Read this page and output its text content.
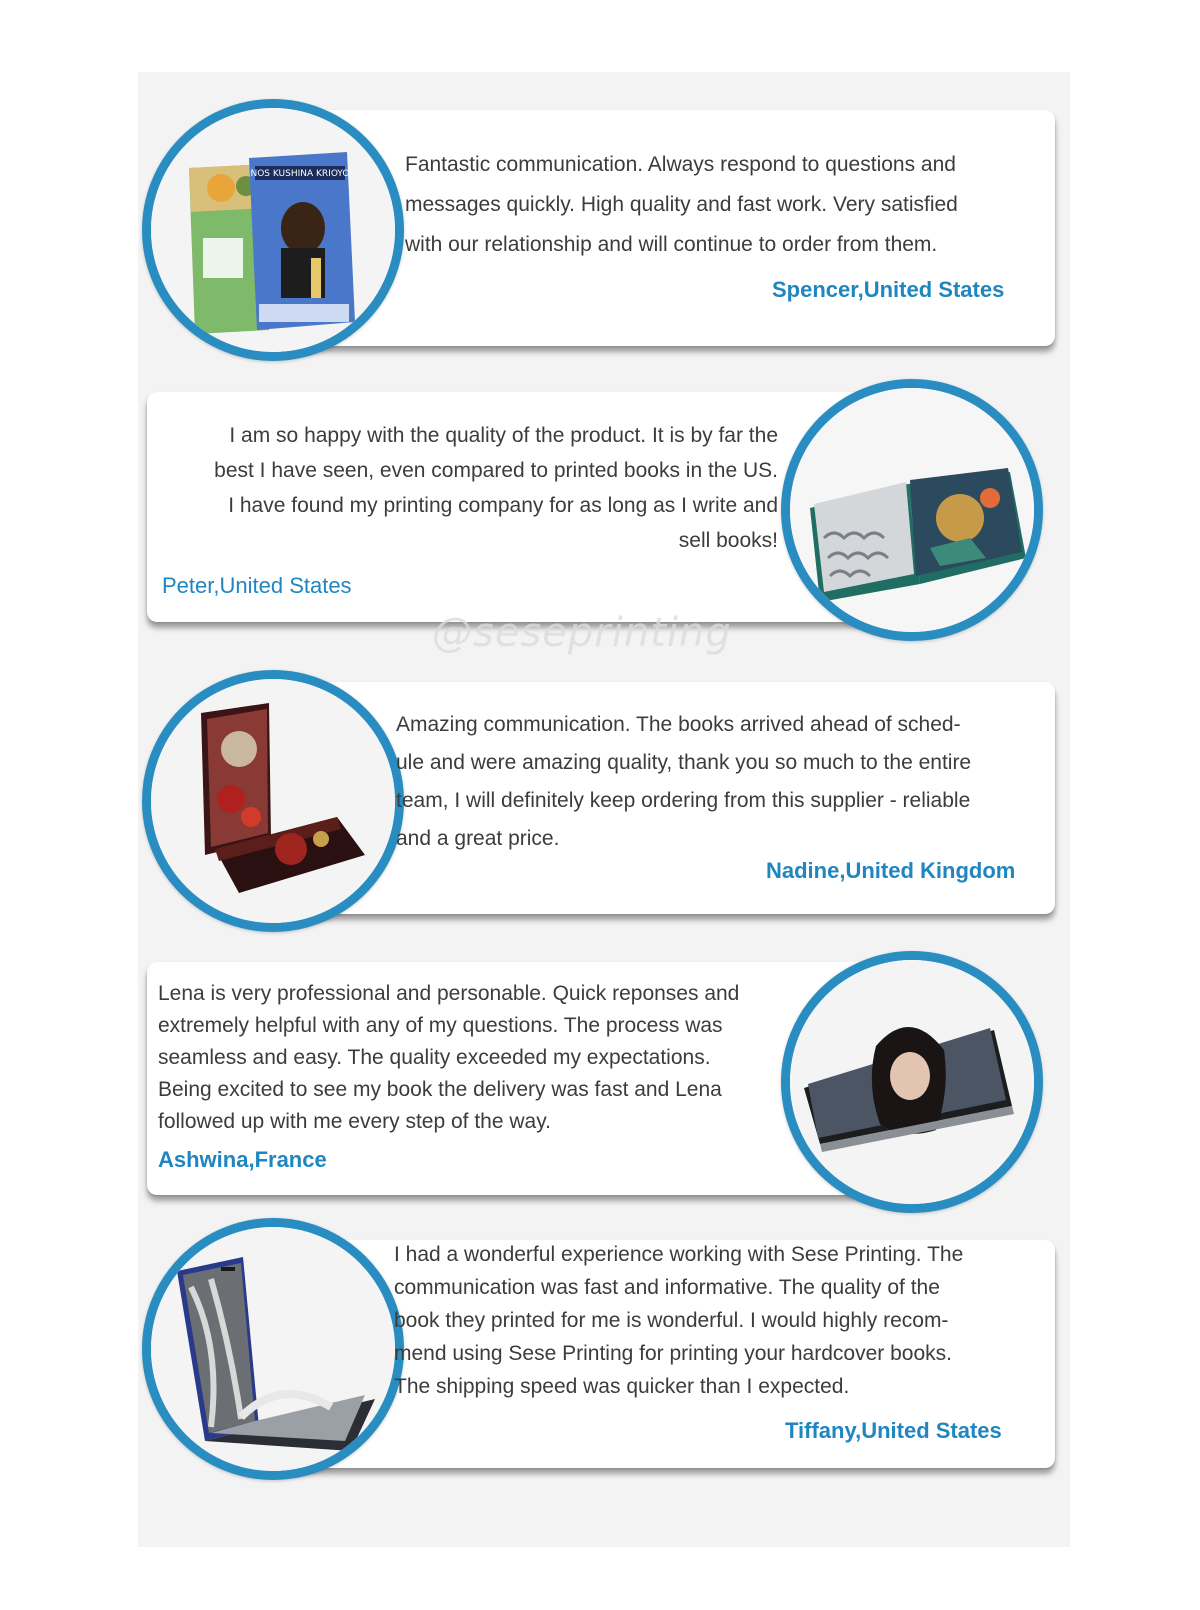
NOS KUSHINA KRIOYO	Fantastic communication. Always respond to questions and
messages quickly. High quality and fast work. Very satisfied
with our relationship and will continue to order from them.
Spencer,United States
I am so happy with the quality of the product. It is by far the
best I have seen, even compared to printed books in the US.
I have found my printing company for as long as I write and
sell books!
Peter,United States
@seseprinting
Amazing communication. The books arrived ahead of sched-
ule and were amazing quality, thank you so much to the entire
team, I will definitely keep ordering from this supplier - reliable
and a great price.
Nadine,United Kingdom
Lena is very professional and personable. Quick reponses and
extremely helpful with any of my questions. The process was
seamless and easy. The quality exceeded my expectations.
Being excited to see my book the delivery was fast and Lena
followed up with me every step of the way.
Ashwina,France
I had a wonderful experience working with Sese Printing. The
communication was fast and informative. The quality of the
book they printed for me is wonderful. I would highly recom-
mend using Sese Printing for printing your hardcover books.
The shipping speed was quicker than I expected.
Tiffany,United States
